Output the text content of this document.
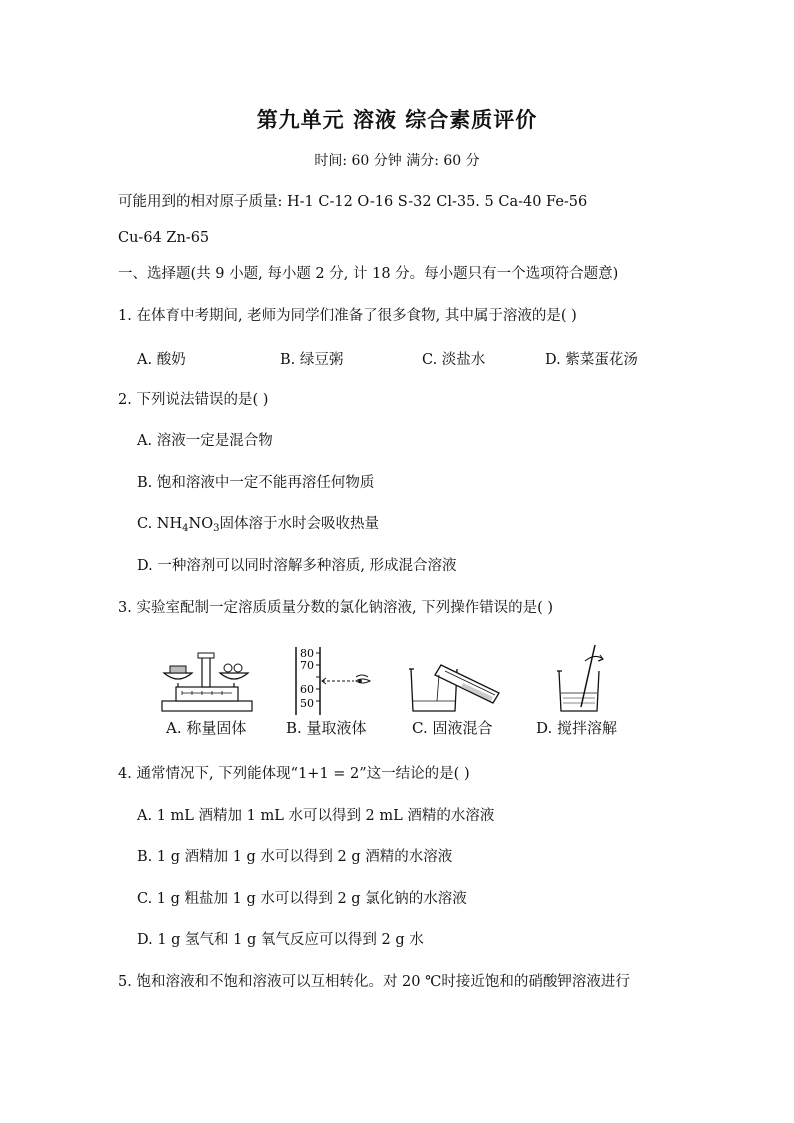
第九单元 溶液 综合素质评价
时间: 60 分钟 满分: 60 分
可能用到的相对原子质量: H-1 C-12 O-16 S-32 Cl-35. 5 Ca-40 Fe-56
Cu-64 Zn-65
一、选择题(共 9 小题, 每小题 2 分, 计 18 分。每小题只有一个选项符合题意)
1. 在体育中考期间, 老师为同学们准备了很多食物, 其中属于溶液的是( )
A. 酸奶	B. 绿豆粥	C. 淡盐水	D. 紫菜蛋花汤
2. 下列说法错误的是( )
A. 溶液一定是混合物
B. 饱和溶液中一定不能再溶任何物质
C. $NH_4NO_3$固体溶于水时会吸收热量
D. 一种溶剂可以同时溶解多种溶质, 形成混合溶液
3. 实验室配制一定溶质质量分数的氯化钠溶液, 下列操作错误的是( )
A. 称量固体
80
70
60
50
B. 量取液体	C. 固液混合	D. 搅拌溶解
4. 通常情况下, 下列能体现“1+1 = 2”这一结论的是( )
A. 1 mL 酒精加 1 mL 水可以得到 2 mL 酒精的水溶液
B. 1 g 酒精加 1 g 水可以得到 2 g 酒精的水溶液
C. 1 g 粗盐加 1 g 水可以得到 2 g 氯化钠的水溶液
D. 1 g 氢气和 1 g 氧气反应可以得到 2 g 水
5. 饱和溶液和不饱和溶液可以互相转化。对 20 ℃时接近饱和的硝酸钾溶液进行
